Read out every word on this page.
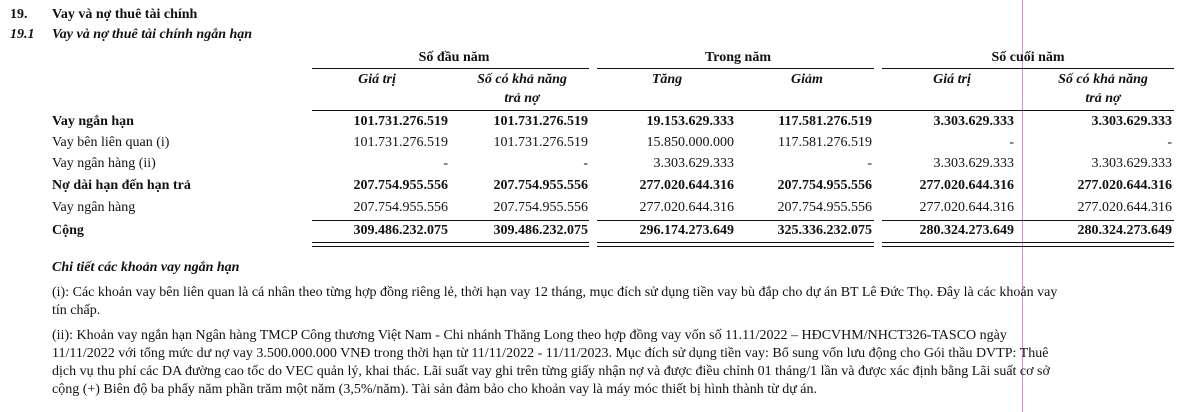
19. Vay và nợ thuê tài chính
19.1 Vay và nợ thuê tài chính ngắn hạn
Số đầu năm	Trong năm	Số cuối năm
Giá trị	Số có khả năng
trả nợ
Tăng	Giảm	Giá trị	Số có khả năng
trả nợ
Vay ngắn hạn	101.731.276.519	101.731.276.519	19.153.629.333	117.581.276.519	3.303.629.333	3.303.629.333
Vay bên liên quan (i)	101.731.276.519	101.731.276.519	15.850.000.000	117.581.276.519	-	-
Vay ngân hàng (ii)	-	-	3.303.629.333	-	3.303.629.333	3.303.629.333
Nợ dài hạn đến hạn trả	207.754.955.556	207.754.955.556	277.020.644.316	207.754.955.556	277.020.644.316	277.020.644.316
Vay ngân hàng	207.754.955.556	207.754.955.556	277.020.644.316	207.754.955.556	277.020.644.316	277.020.644.316
Cộng	309.486.232.075	309.486.232.075	296.174.273.649	325.336.232.075	280.324.273.649	280.324.273.649
Chi tiết các khoản vay ngắn hạn
(i): Các khoản vay bên liên quan là cá nhân theo từng hợp đồng riêng lẻ, thời hạn vay 12 tháng, mục đích sử dụng tiền vay bù đắp cho dự án BT Lê Đức Thọ. Đây là các khoản vay
tín chấp.
(ii): Khoản vay ngắn hạn Ngân hàng TMCP Công thương Việt Nam - Chi nhánh Thăng Long theo hợp đồng vay vốn số 11.11/2022 – HĐCVHM/NHCT326-TASCO ngày
11/11/2022 với tổng mức dư nợ vay 3.500.000.000 VNĐ trong thời hạn từ 11/11/2022 - 11/11/2023. Mục đích sử dụng tiền vay: Bổ sung vốn lưu động cho Gói thầu DVTP: Thuê
dịch vụ thu phí các DA đường cao tốc do VEC quản lý, khai thác. Lãi suất vay ghi trên từng giấy nhận nợ và được điều chỉnh 01 tháng/1 lần và được xác định bằng Lãi suất cơ sở
cộng (+) Biên độ ba phẩy năm phần trăm một năm (3,5%/năm). Tài sản đảm bảo cho khoản vay là máy móc thiết bị hình thành từ dự án.
